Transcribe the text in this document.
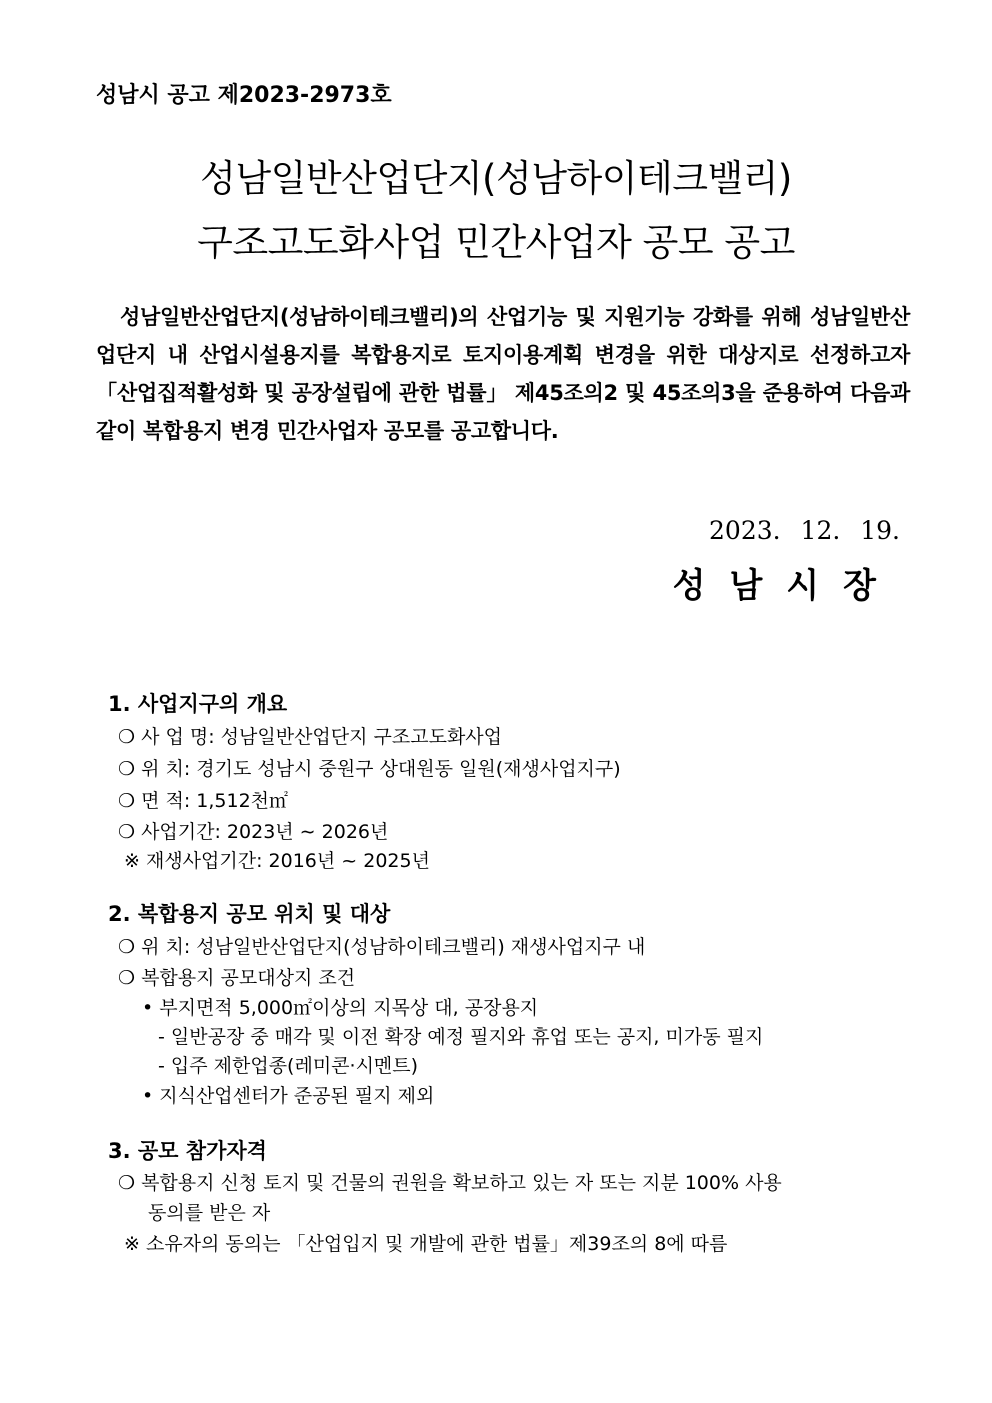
성남시 공고 제2023-2973호
성남일반산업단지(성남하이테크밸리)
구조고도화사업 민간사업자 공모 공고

성남일반산업단지(성남하이테크밸리)의 산업기능 및 지원기능 강화를 위해 성남일반산업단지 내 산업시설용지를 복합용지로 토지이용계획 변경을 위한 대상지로 선정하고자 「산업집적활성화 및 공장설립에 관한 법률」 제45조의2 및 45조의3을 준용하여 다음과 같이 복합용지 변경 민간사업자 공모를 공고합니다.

2023. 12. 19.
성남시장
1. 사업지구의 개요
❍ 사 업 명: 성남일반산업단지 구조고도화사업
❍ 위 치: 경기도 성남시 중원구 상대원동 일원(재생사업지구)
❍ 면 적: 1,512천㎡
❍ 사업기간: 2023년 ∼ 2026년
※ 재생사업기간: 2016년 ~ 2025년
2. 복합용지 공모 위치 및 대상
❍ 위 치: 성남일반산업단지(성남하이테크밸리) 재생사업지구 내
❍ 복합용지 공모대상지 조건
• 부지면적 5,000㎡이상의 지목상 대, 공장용지
- 일반공장 중 매각 및 이전 확장 예정 필지와 휴업 또는 공지, 미가동 필지
- 입주 제한업종(레미콘·시멘트)
• 지식산업센터가 준공된 필지 제외
3. 공모 참가자격
❍ 복합용지 신청 토지 및 건물의 권원을 확보하고 있는 자 또는 지분 100% 사용
동의를 받은 자
※ 소유자의 동의는 「산업입지 및 개발에 관한 법률」제39조의 8에 따름
